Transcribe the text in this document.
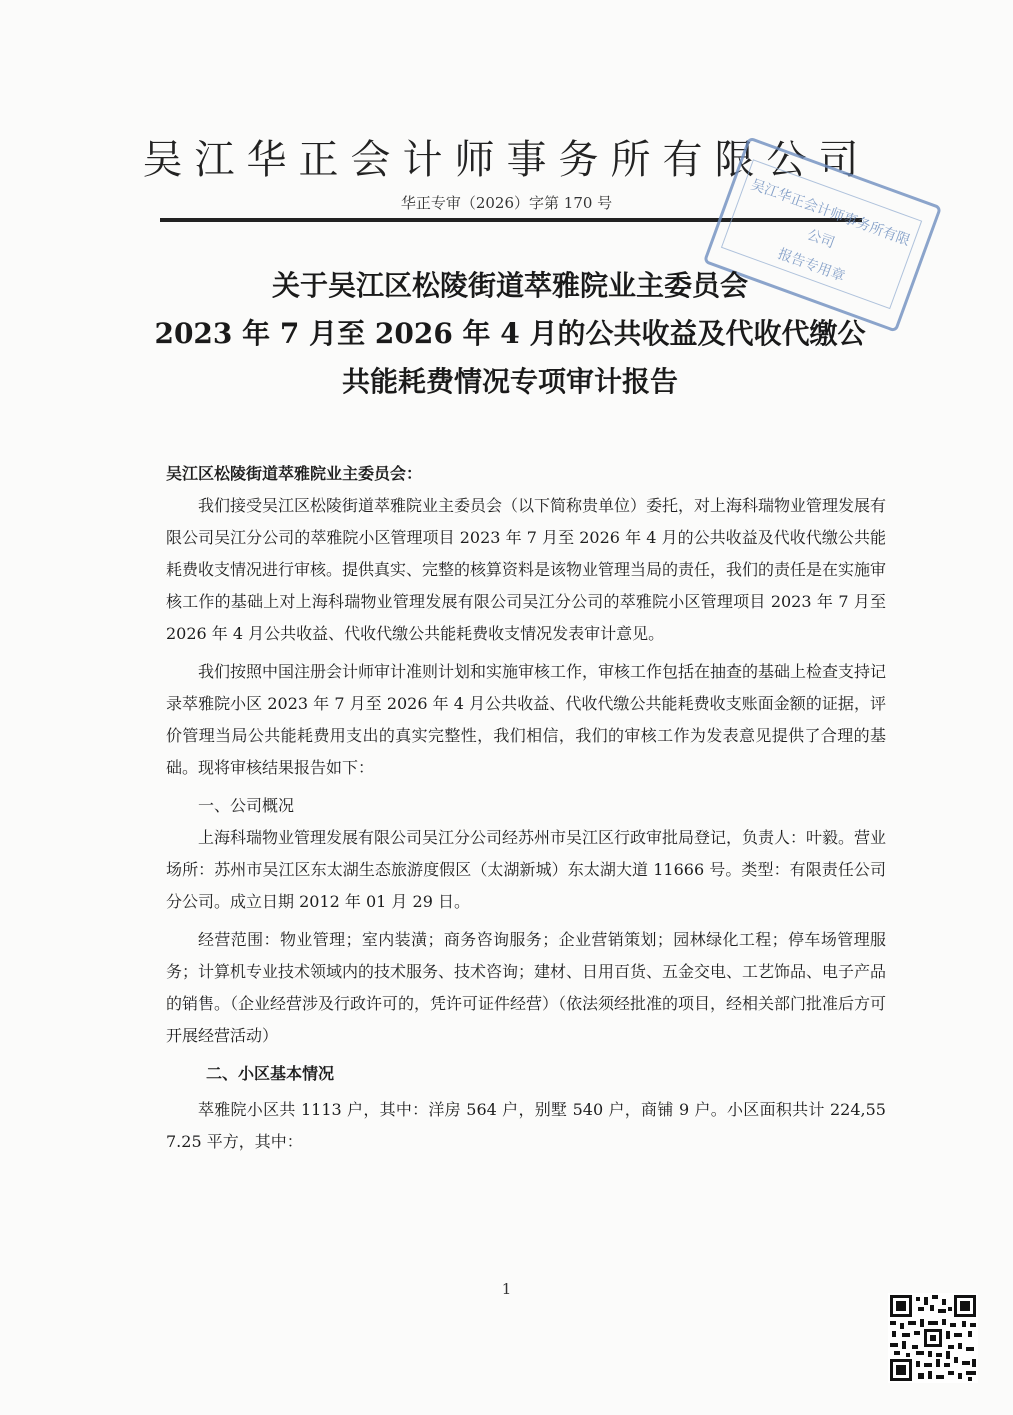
吴江华正会计师事务所有限公司
华正专审（2026）字第 170 号	吴江华正会计师事务所有限公司
报告专用章
关于吴江区松陵街道萃雅院业主委员会
2023 年 7 月至 2026 年 4 月的公共收益及代收代缴公
共能耗费情况专项审计报告

吴江区松陵街道萃雅院业主委员会：

我们接受吴江区松陵街道萃雅院业主委员会（以下简称贵单位）委托，对上海科瑞物业管理发展有限公司吴江分公司的萃雅院小区管理项目 2023 年 7 月至 2026 年 4 月的公共收益及代收代缴公共能耗费收支情况进行审核。提供真实、完整的核算资料是该物业管理当局的责任，我们的责任是在实施审核工作的基础上对上海科瑞物业管理发展有限公司吴江分公司的萃雅院小区管理项目 2023 年 7 月至 2026 年 4 月公共收益、代收代缴公共能耗费收支情况发表审计意见。

我们按照中国注册会计师审计准则计划和实施审核工作，审核工作包括在抽查的基础上检查支持记录萃雅院小区 2023 年 7 月至 2026 年 4 月公共收益、代收代缴公共能耗费收支账面金额的证据，评价管理当局公共能耗费用支出的真实完整性，我们相信，我们的审核工作为发表意见提供了合理的基础。现将审核结果报告如下：

一、公司概况

上海科瑞物业管理发展有限公司吴江分公司经苏州市吴江区行政审批局登记，负责人：叶毅。营业场所：苏州市吴江区东太湖生态旅游度假区（太湖新城）东太湖大道 11666 号。类型：有限责任公司分公司。成立日期 2012 年 01 月 29 日。

经营范围：物业管理；室内装潢；商务咨询服务；企业营销策划；园林绿化工程；停车场管理服务；计算机专业技术领域内的技术服务、技术咨询；建材、日用百货、五金交电、工艺饰品、电子产品的销售。（企业经营涉及行政许可的，凭许可证件经营）（依法须经批准的项目，经相关部门批准后方可开展经营活动）

二、小区基本情况

萃雅院小区共 1113 户，其中：洋房 564 户，别墅 540 户，商铺 9 户。小区面积共计 224,557.25 平方，其中：

1
